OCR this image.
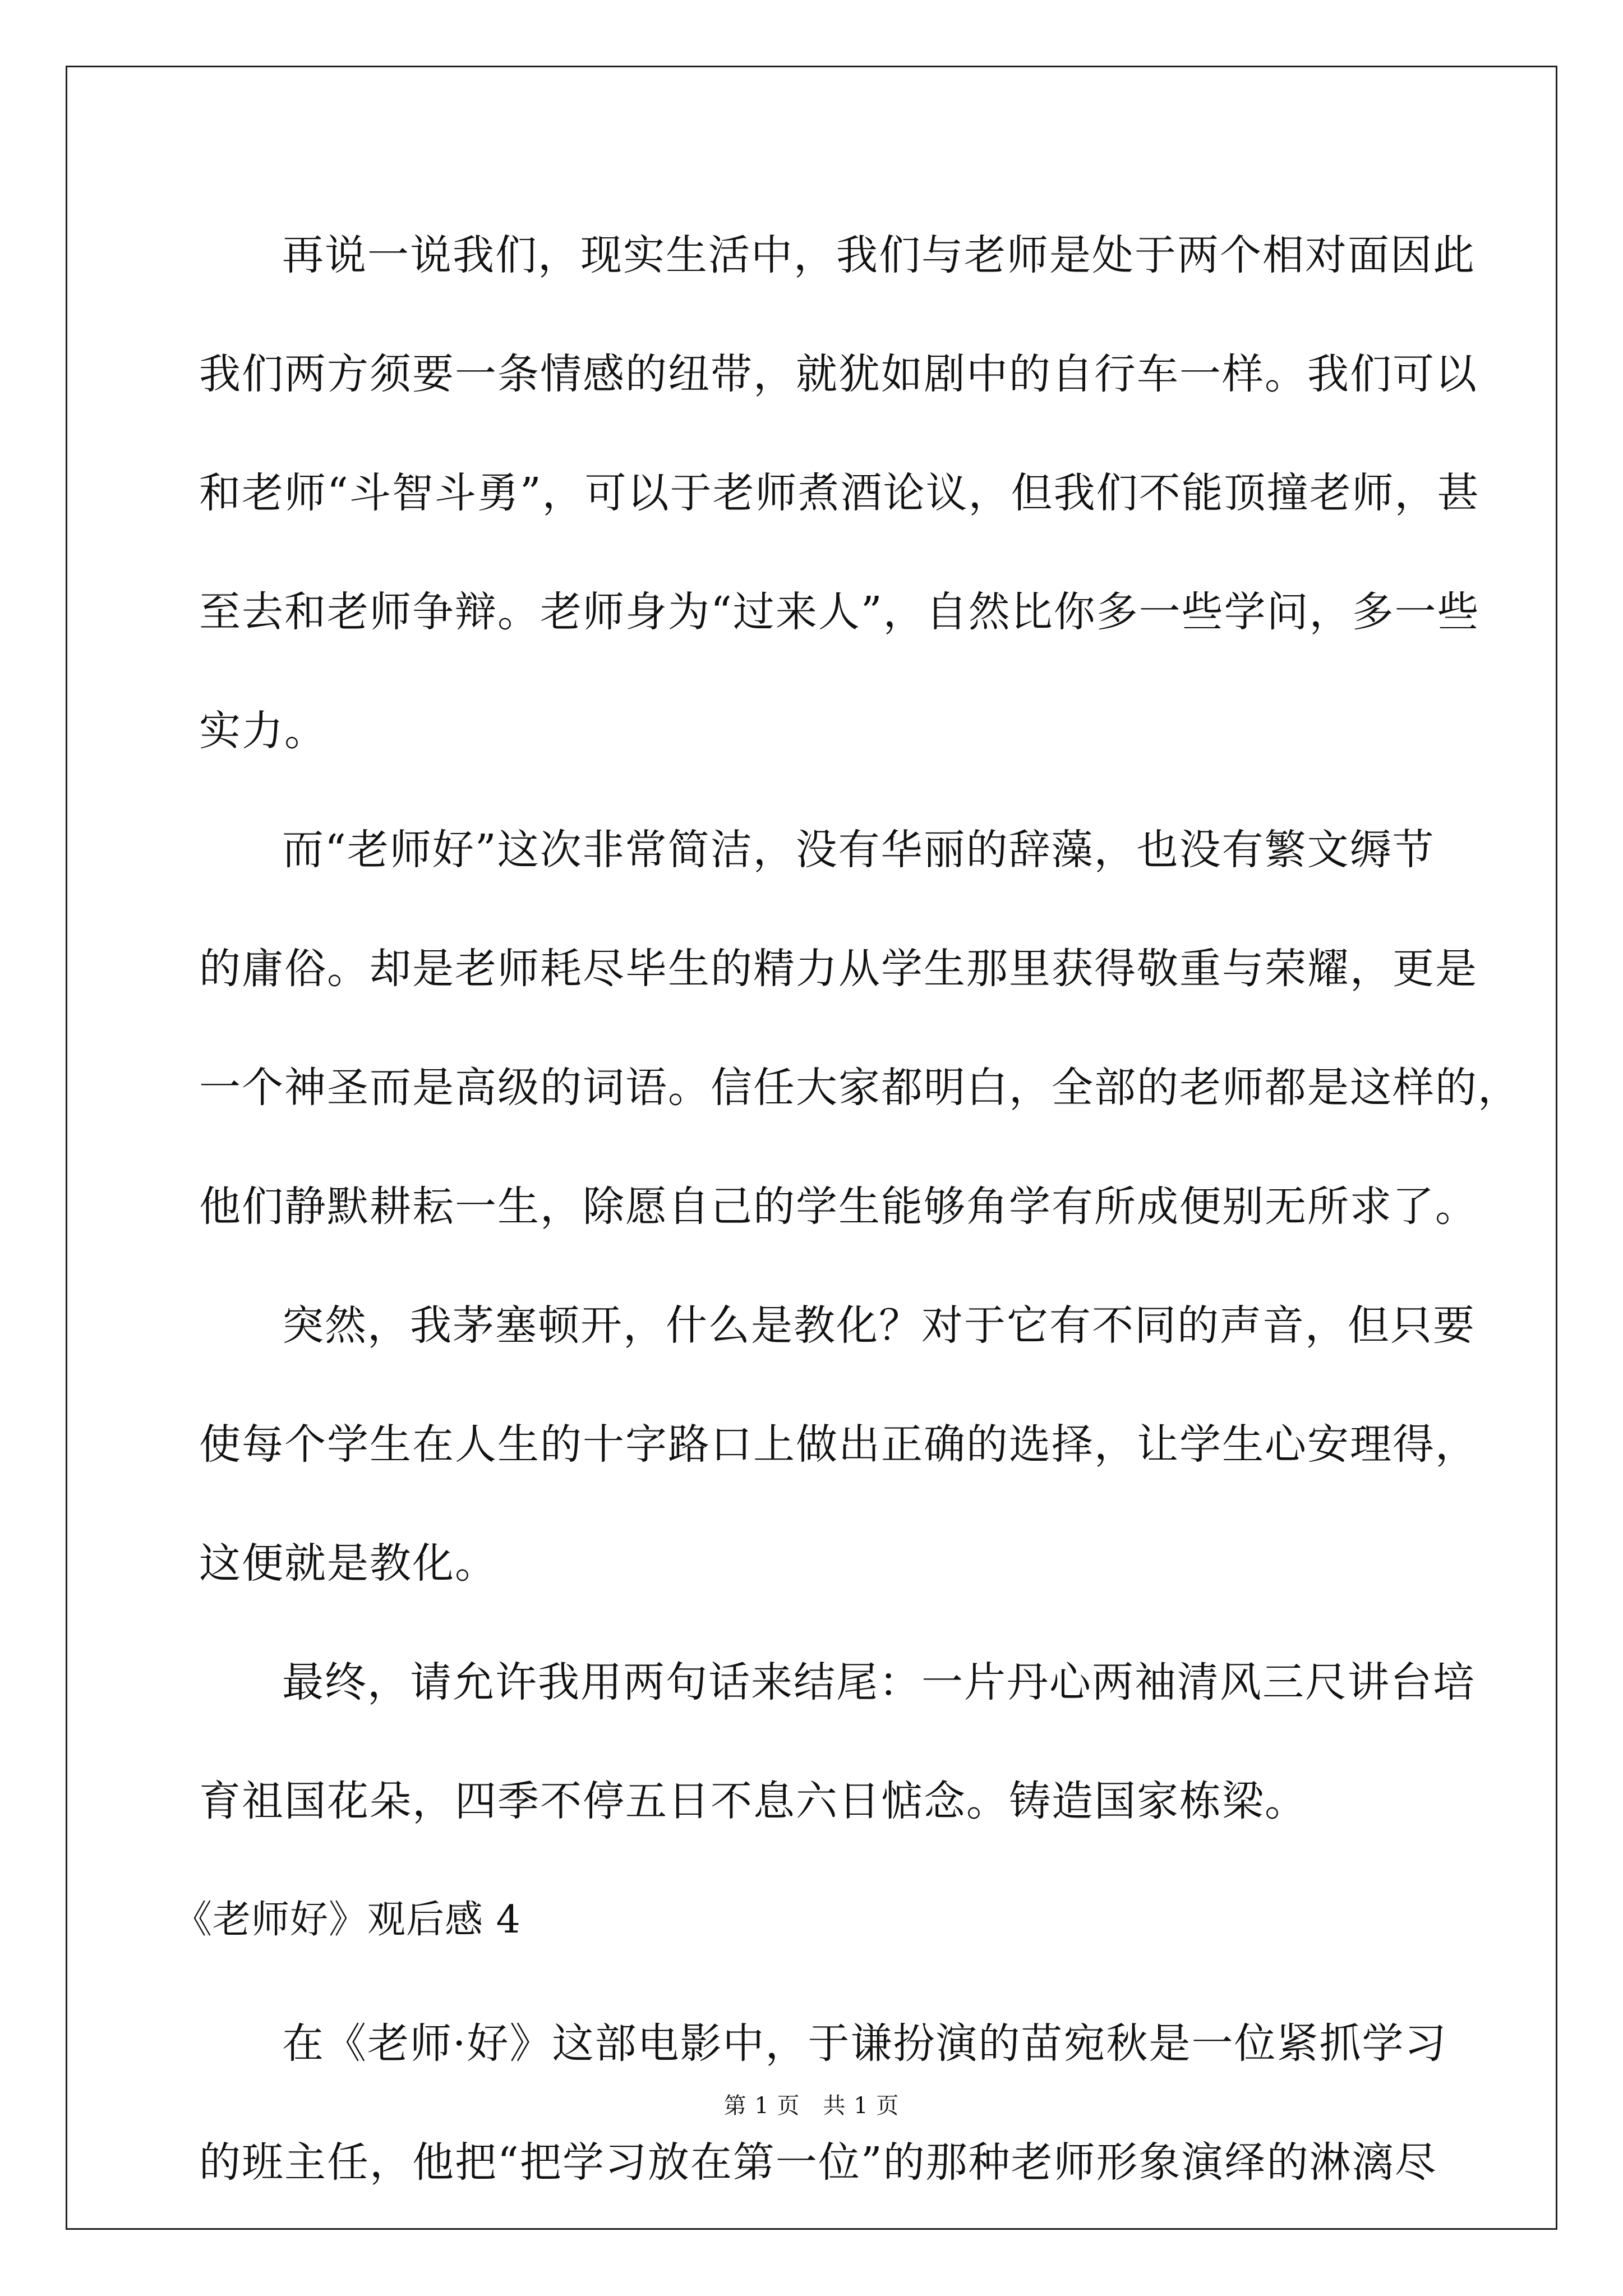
再说一说我们，现实生活中，我们与老师是处于两个相对面因此
我们两方须要一条情感的纽带，就犹如剧中的自行车一样。我们可以
和老师“斗智斗勇”，可以于老师煮酒论议，但我们不能顶撞老师，甚
至去和老师争辩。老师身为“过来人”，自然比你多一些学问，多一些
实力。
而“老师好”这次非常简洁，没有华丽的辞藻，也没有繁文缛节
的庸俗。却是老师耗尽毕生的精力从学生那里获得敬重与荣耀，更是
一个神圣而是高级的词语。信任大家都明白，全部的老师都是这样的，
他们静默耕耘一生，除愿自己的学生能够角学有所成便别无所求了。
突然，我茅塞顿开，什么是教化？对于它有不同的声音，但只要
使每个学生在人生的十字路口上做出正确的选择，让学生心安理得，
这便就是教化。
最终，请允许我用两句话来结尾：一片丹心两袖清风三尺讲台培
育祖国花朵，四季不停五日不息六日惦念。铸造国家栋梁。
《老师好》观后感 4
在《老师·好》这部电影中，于谦扮演的苗宛秋是一位紧抓学习
的班主任，他把“把学习放在第一位”的那种老师形象演绎的淋漓尽
第 1 页　共 1 页
